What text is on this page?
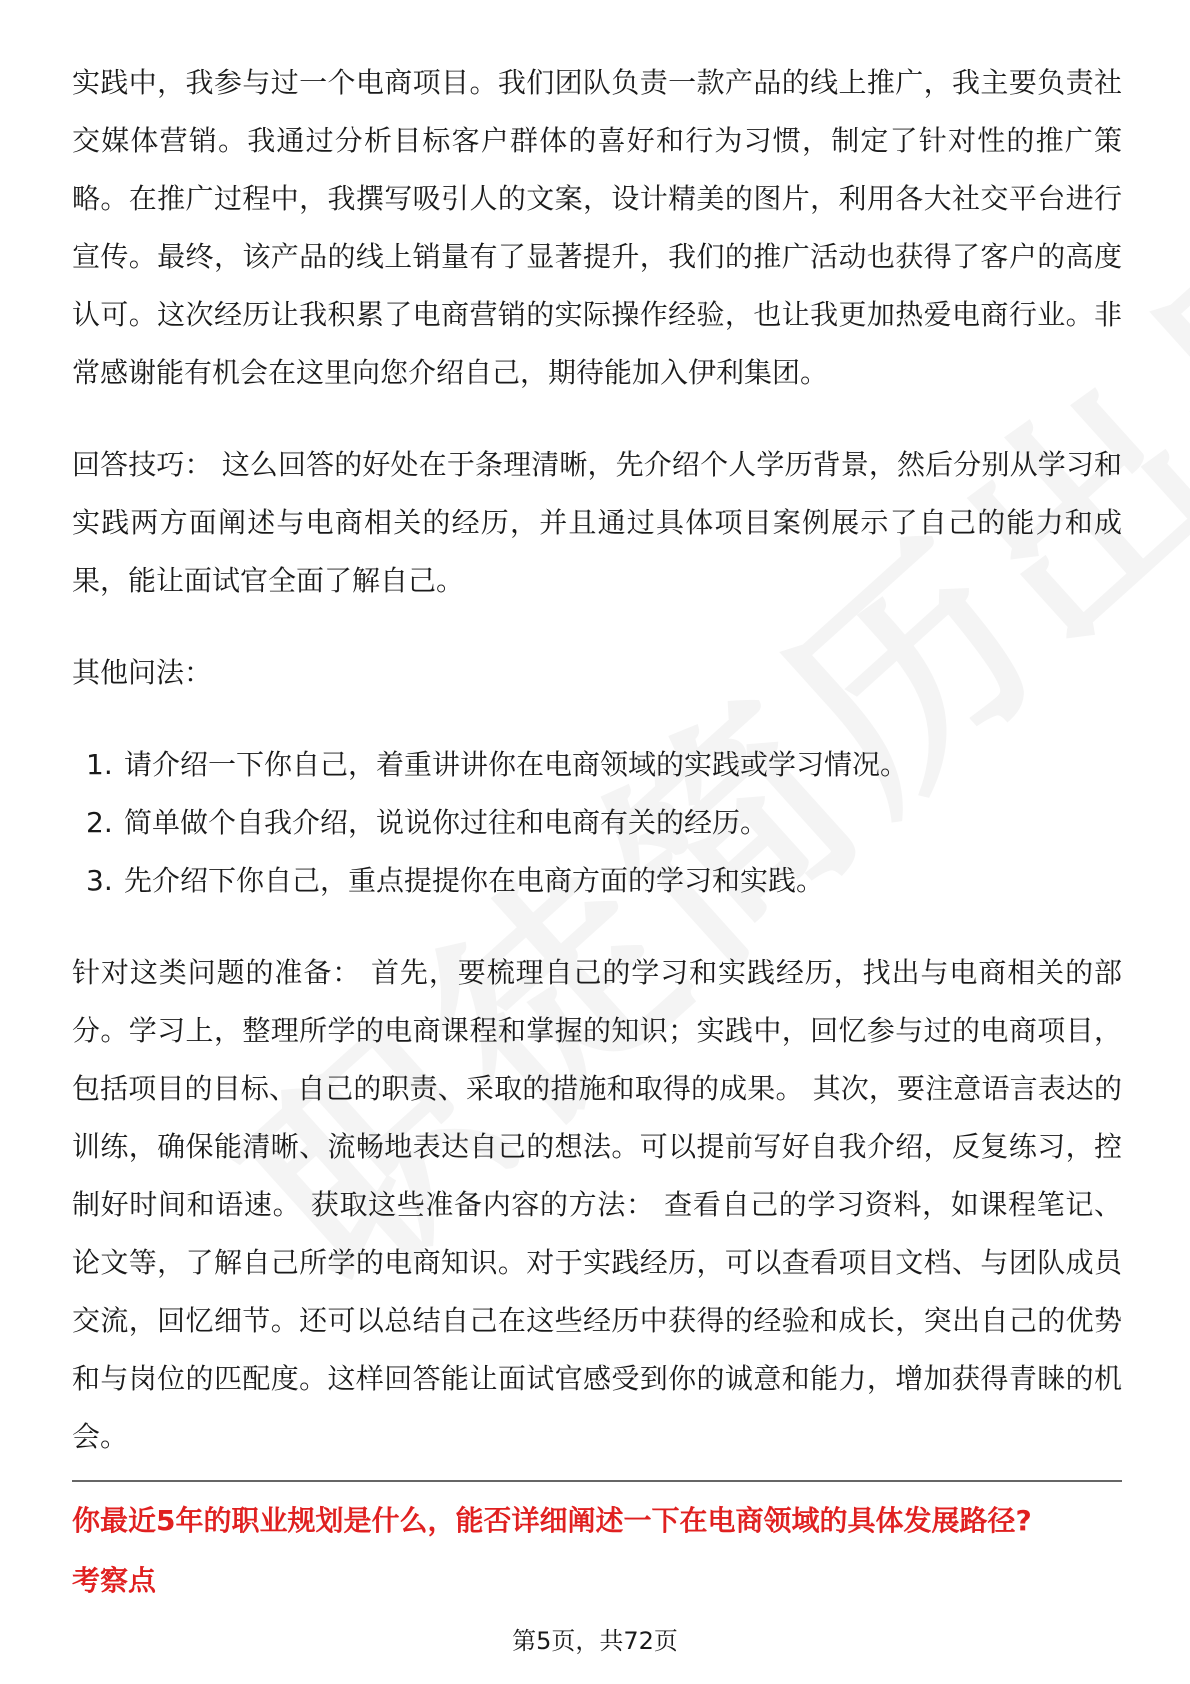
实践中，我参与过一个电商项目。我们团队负责一款产品的线上推广，我主要负责社交媒体营销。我通过分析目标客户群体的喜好和行为习惯，制定了针对性的推广策略。在推广过程中，我撰写吸引人的文案，设计精美的图片，利用各大社交平台进行宣传。最终，该产品的线上销量有了显著提升，我们的推广活动也获得了客户的高度认可。这次经历让我积累了电商营销的实际操作经验，也让我更加热爱电商行业。非常感谢能有机会在这里向您介绍自己，期待能加入伊利集团。

回答技巧： 这么回答的好处在于条理清晰，先介绍个人学历背景，然后分别从学习和实践两方面阐述与电商相关的经历，并且通过具体项目案例展示了自己的能力和成果，能让面试官全面了解自己。

其他问法：

1. 请介绍一下你自己，着重讲讲你在电商领域的实践或学习情况。
2. 简单做个自我介绍，说说你过往和电商有关的经历。
3. 先介绍下你自己，重点提提你在电商方面的学习和实践。

针对这类问题的准备： 首先，要梳理自己的学习和实践经历，找出与电商相关的部分。学习上，整理所学的电商课程和掌握的知识；实践中，回忆参与过的电商项目，包括项目的目标、自己的职责、采取的措施和取得的成果。 其次，要注意语言表达的训练，确保能清晰、流畅地表达自己的想法。可以提前写好自我介绍，反复练习，控制好时间和语速。 获取这些准备内容的方法： 查看自己的学习资料，如课程笔记、论文等，了解自己所学的电商知识。对于实践经历，可以查看项目文档、与团队成员交流，回忆细节。还可以总结自己在这些经历中获得的经验和成长，突出自己的优势和与岗位的匹配度。这样回答能让面试官感受到你的诚意和能力，增加获得青睐的机会。

你最近5年的职业规划是什么，能否详细阐述一下在电商领域的具体发展路径?
考察点
第5页，共72页
